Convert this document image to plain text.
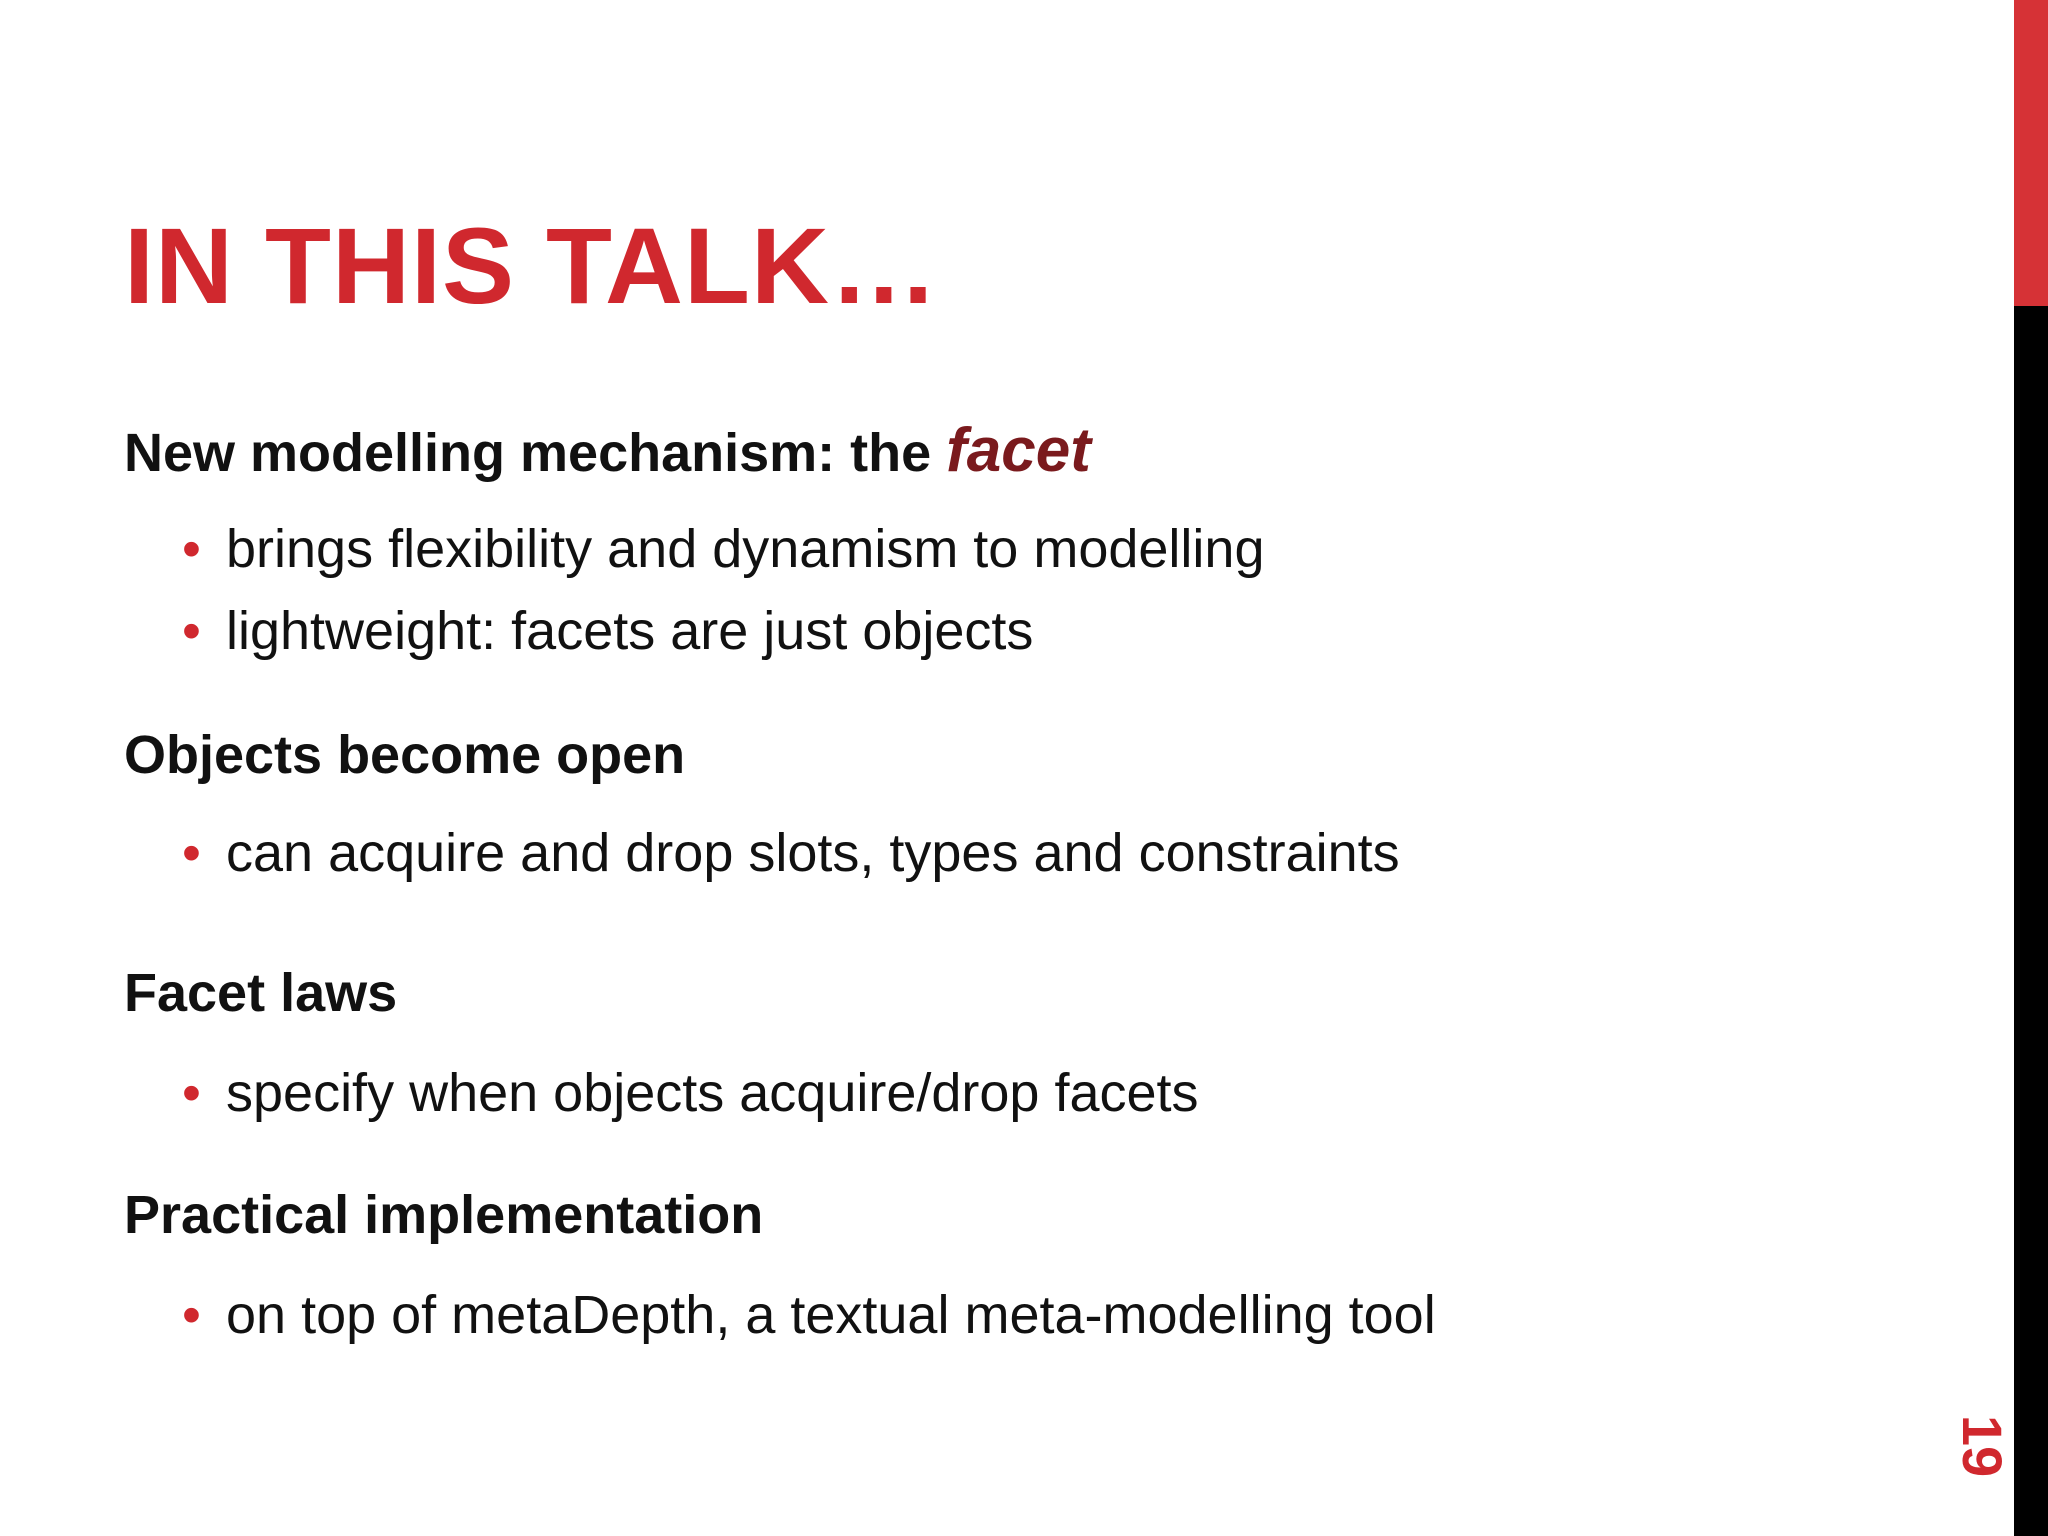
IN THIS TALK…
New modelling mechanism: the facet
• brings flexibility and dynamism to modelling
• lightweight: facets are just objects
Objects become open
• can acquire and drop slots, types and constraints
Facet laws
• specify when objects acquire/drop facets
Practical implementation
• on top of metaDepth, a textual meta-modelling tool
19
